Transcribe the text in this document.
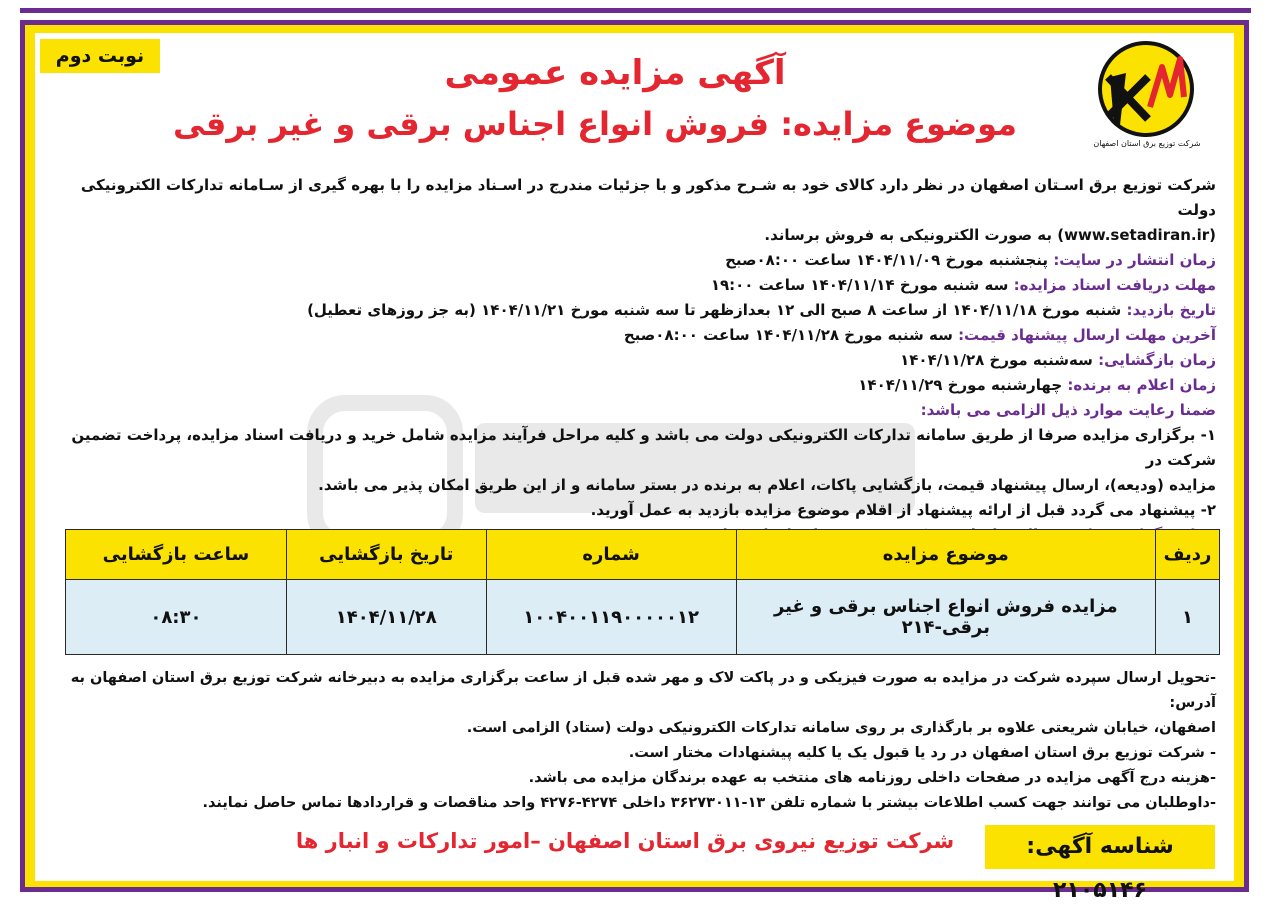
نوبت دوم
شرکت توزیع برق استان اصفهان
آگهی مزایده عمومی
موضوع مزایده: فروش انواع اجناس برقی و غیر برقی

شرکت توزیع برق اسـتان اصفهان در نظر دارد کالای خود به شـرح مذکور و با جزئیات مندرج در اسـناد مزایده را با بهره گیری از سـامانه تدارکات الکترونیکی دولت

(www.setadiran.ir) به صورت الکترونیکی به فروش برساند.

زمان انتشار در سایت: پنجشنبه مورخ ۱۴۰۴/۱۱/۰۹ ساعت ۰۸:۰۰صبح

مهلت دریافت اسناد مزایده: سه شنبه مورخ ۱۴۰۴/۱۱/۱۴ ساعت ۱۹:۰۰

تاریخ بازدید: شنبه مورخ ۱۴۰۴/۱۱/۱۸ از ساعت ۸ صبح الی ۱۲ بعدازظهر تا سه شنبه مورخ ۱۴۰۴/۱۱/۲۱ (به جز روزهای تعطیل)

آخرین مهلت ارسال پیشنهاد قیمت: سه شنبه مورخ ۱۴۰۴/۱۱/۲۸ ساعت ۰۸:۰۰صبح

زمان بازگشایی: سه‌شنبه مورخ ۱۴۰۴/۱۱/۲۸

زمان اعلام به برنده: چهارشنبه مورخ ۱۴۰۴/۱۱/۲۹

ضمنا رعایت موارد ذیل الزامی می باشد:

۱- برگزاری مزایده صرفا از طریق سامانه تدارکات الکترونیکی دولت می باشد و کلیه مراحل فرآیند مزایده شامل خرید و دریافت اسناد مزایده، پرداخت تضمین شرکت در

مزایده (ودیعه)، ارسال پیشنهاد قیمت، بازگشایی پاکات، اعلام به برنده در بستر سامانه و از این طریق امکان پذیر می باشد.

۲- پیشنهاد می گردد قبل از ارائه پیشنهاد از اقلام موضوع مزایده بازدید به عمل آورید.

ردیف	موضوع مزایده	شماره	تاریخ بازگشایی	ساعت بازگشایی
۱	مزایده فروش انواع اجناس برقی و غیر برقی-۲۱۴	۱۰۰۴۰۰۱۱۹۰۰۰۰۰۱۲	۱۴۰۴/۱۱/۲۸	۰۸:۳۰

-تحویل ارسال سپرده شرکت در مزایده به صورت فیزیکی و در پاکت لاک و مهر شده قبل از ساعت برگزاری مزایده به دبیرخانه شرکت توزیع برق استان اصفهان به آدرس:

اصفهان، خیابان شریعتی علاوه بر بارگذاری بر روی سامانه تدارکات الکترونیکی دولت (ستاد) الزامی است.

- شرکت توزیع برق استان اصفهان در رد یا قبول یک یا کلیه پیشنهادات مختار است.

-هزینه درج آگهی مزایده در صفحات داخلی روزنامه های منتخب به عهده برندگان مزایده می باشد.

-داوطلبان می توانند جهت کسب اطلاعات بیشتر با شماره تلفن ۱۳-۳۶۲۷۳۰۱۱ داخلی ۴۲۷۴-۴۲۷۶ واحد مناقصات و قراردادها تماس حاصل نمایند.

شناسه آگهی: ۲۱۰۵۱۴۶
شرکت توزیع نیروی برق استان اصفهان –امور تدارکات و انبار ها
